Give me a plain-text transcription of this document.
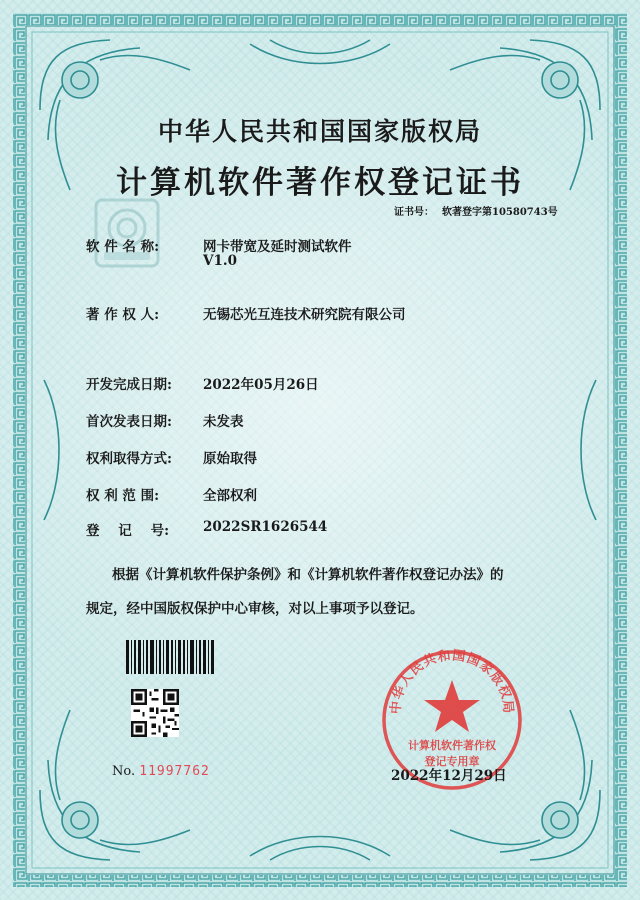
中华人民共和国国家版权局
计算机软件著作权登记证书
证书号： 软著登字第10580743号
软 件 名 称:	网卡带宽及延时测试软件
V1.0
著 作 权 人:	无锡芯光互连技术研究院有限公司
开发完成日期:	2022年05月26日
首次发表日期:	未发表
权利取得方式:	原始取得
权 利 范 围:	全部权利
登    记    号:	2022SR1626544
根据《计算机软件保护条例》和《计算机软件著作权登记办法》的
规定，经中国版权保护中心审核，对以上事项予以登记。
No. 11997762
中华人民共和国国家版权局
计算机软件著作权
登记专用章
2022年12月29日
